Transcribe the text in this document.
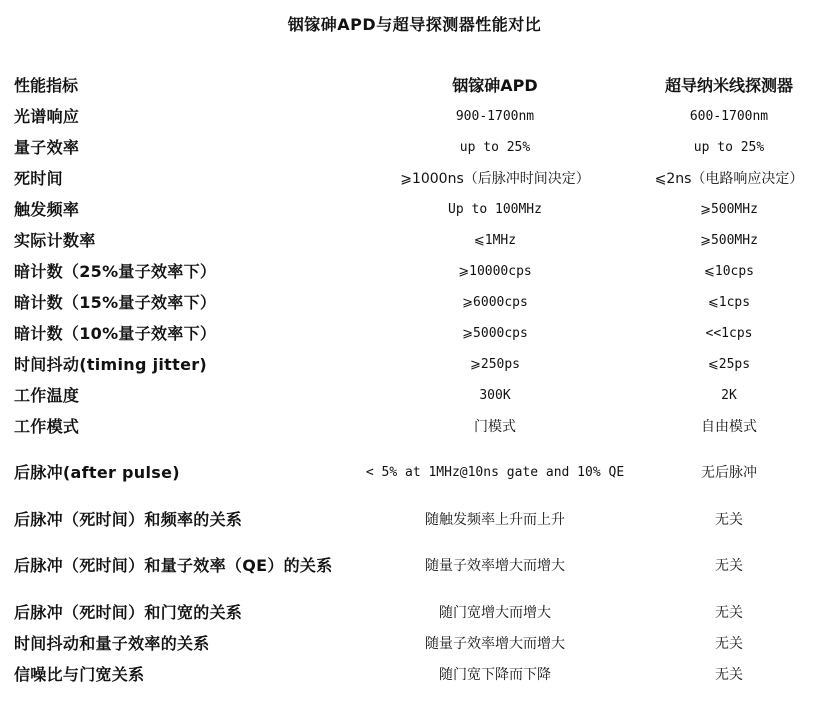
铟镓砷APD与超导探测器性能对比
性能指标	铟镓砷APD	超导纳米线探测器
光谱响应	900-1700nm	600-1700nm
量子效率	up to 25%	up to 25%
死时间	⩾1000ns（后脉冲时间决定）	⩽2ns（电路响应决定）
触发频率	Up to 100MHz	⩾500MHz
实际计数率	⩽1MHz	⩾500MHz
暗计数（25%量子效率下）	⩾10000cps	⩽10cps
暗计数（15%量子效率下）	⩾6000cps	⩽1cps
暗计数（10%量子效率下）	⩾5000cps	<<1cps
时间抖动(timing jitter)	⩾250ps	⩽25ps
工作温度	300K	2K
工作模式	门模式	自由模式
后脉冲(after pulse)	< 5% at 1MHz@10ns gate and 10% QE	无后脉冲
后脉冲（死时间）和频率的关系	随触发频率上升而上升	无关
后脉冲（死时间）和量子效率（QE）的关系	随量子效率增大而增大	无关
后脉冲（死时间）和门宽的关系	随门宽增大而增大	无关
时间抖动和量子效率的关系	随量子效率增大而增大	无关
信噪比与门宽关系	随门宽下降而下降	无关
